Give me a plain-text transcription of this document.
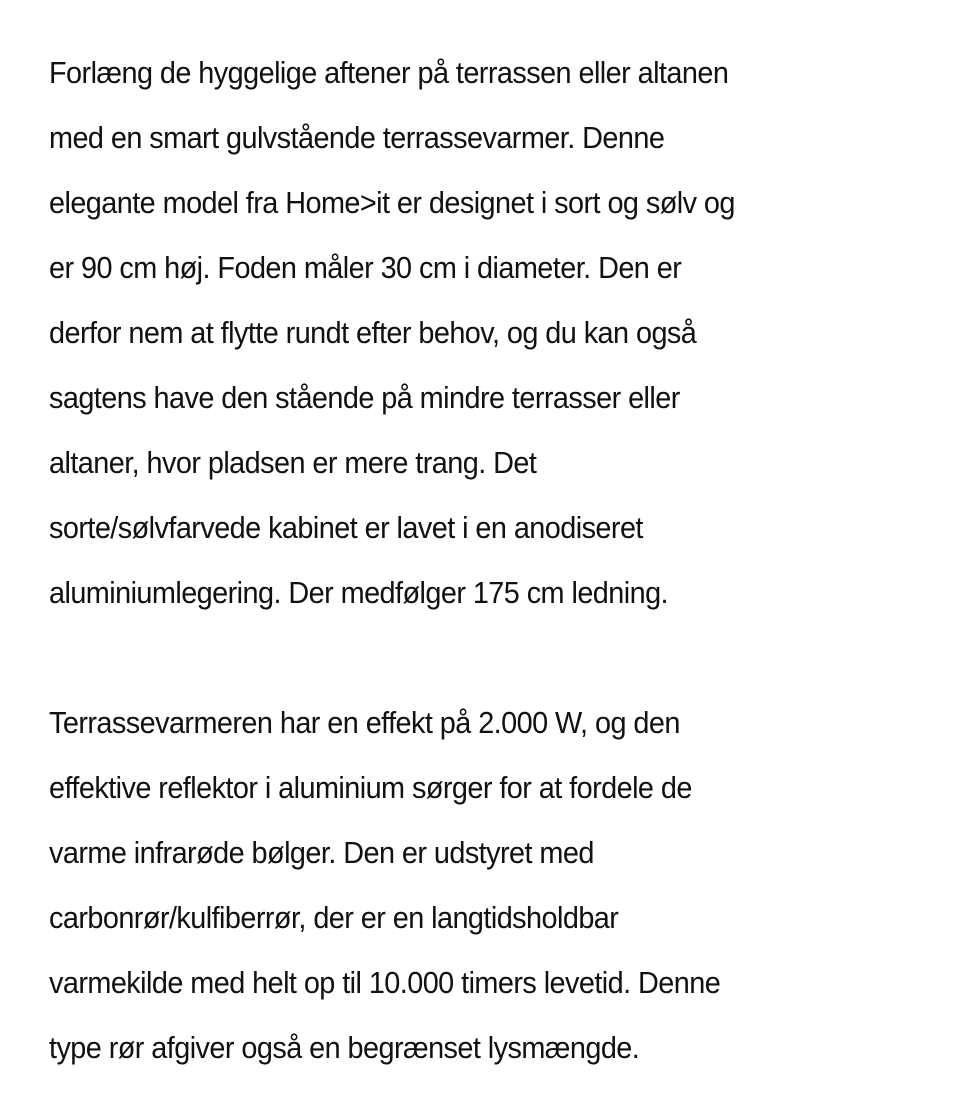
Forlæng de hyggelige aftener på terrassen eller altanen
med en smart gulvstående terrassevarmer. Denne
elegante model fra Home>it er designet i sort og sølv og
er 90 cm høj. Foden måler 30 cm i diameter. Den er
derfor nem at flytte rundt efter behov, og du kan også
sagtens have den stående på mindre terrasser eller
altaner, hvor pladsen er mere trang. Det
sorte/sølvfarvede kabinet er lavet i en anodiseret
aluminiumlegering. Der medfølger 175 cm ledning.
Terrassevarmeren har en effekt på 2.000 W, og den
effektive reflektor i aluminium sørger for at fordele de
varme infrarøde bølger. Den er udstyret med
carbonrør/kulfiberrør, der er en langtidsholdbar
varmekilde med helt op til 10.000 timers levetid. Denne
type rør afgiver også en begrænset lysmængde.
